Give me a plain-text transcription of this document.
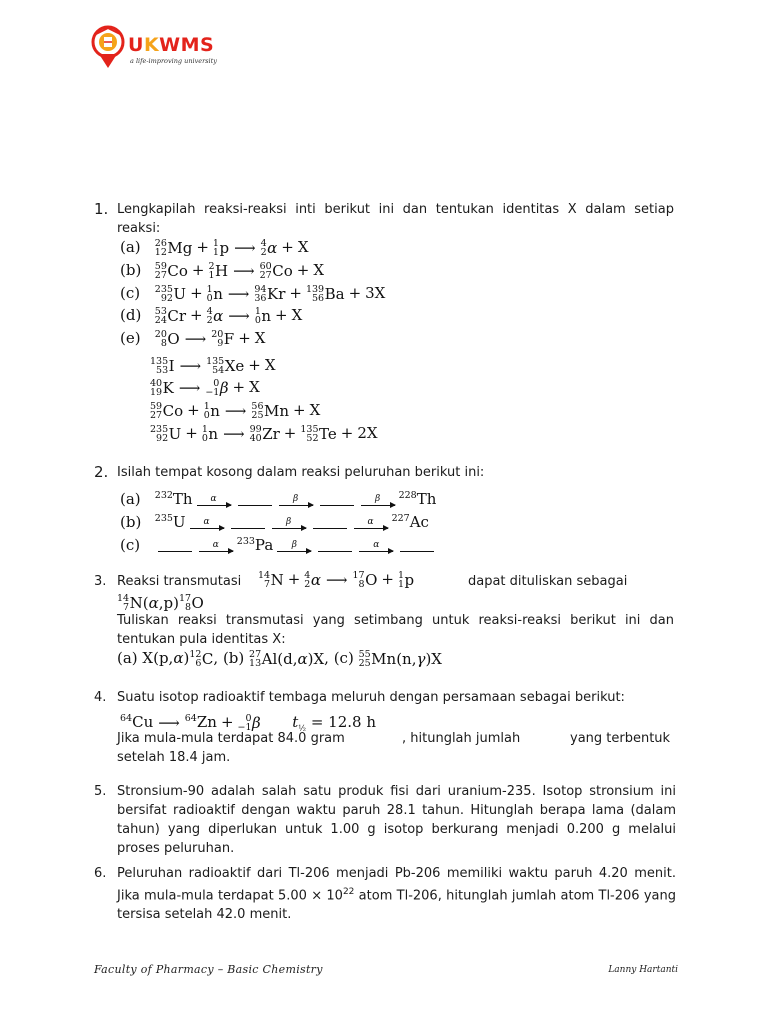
UKWMS
a life-improving university
1. Lengkapilah reaksi-reaksi inti berikut ini dan tentukan identitas X dalam setiap reaksi:
(a) 26
12 Mg + 1
1 p ⟶ 4
2 α + X
(b) 59
27 Co + 2
1 H ⟶ 60
27 Co + X
(c) 235
92 U + 1
0 n ⟶ 94
36 Kr + 139
56 Ba + 3X
(d) 53
24 Cr + 4
2 α ⟶ 1
0 n + X
(e) 20
8 O ⟶ 20
9 F + X
135
53 I ⟶ 135
54 Xe + X
40
19 K ⟶ 0
−1 β + X
59
27 Co + 1
0 n ⟶ 56
25 Mn + X
235
92 U + 1
0 n ⟶ 99
40 Zr + 135
52 Te + 2X
2. Isilah tempat kosong dalam reaksi peluruhan berikut ini:
(a) $^{232}$Th α	β	β $^{228}$Th
(b) $^{235}$U α	β	α $^{227}$Ac
(c)	α $^{233}$Pa β	α
3. Reaksi transmutasi 14
7 N + 4
2 α ⟶ 17
8 O + 1
1 p	dapat dituliskan sebagai
14
7 N(α,p) 17
8 O
Tuliskan reaksi transmutasi yang setimbang untuk reaksi-reaksi berikut ini dan tentukan pula identitas X:
(a) X(p,α) 12
6 C , (b) 27
13 Al(d,α)X , (c) 55
25 Mn(n,γ)X
4. Suatu isotop radioaktif tembaga meluruh dengan persamaan sebagai berikut:
$^{64}$Cu ⟶ $^{64}$Zn + 0
−1 β $t_{\frac{1}{2}} = 12.8$ h
Jika mula-mula terdapat 84.0 gram	, hitunglah jumlah	yang terbentuk
setelah 18.4 jam.
5. Stronsium-90 adalah salah satu produk fisi dari uranium-235. Isotop stronsium ini bersifat radioaktif dengan waktu paruh 28.1 tahun. Hitunglah berapa lama (dalam tahun) yang diperlukan untuk 1.00 g isotop berkurang menjadi 0.200 g melalui proses peluruhan.
6. Peluruhan radioaktif dari Tl-206 menjadi Pb-206 memiliki waktu paruh 4.20 menit. Jika mula-mula terdapat $5.00 \times 10^{22}$ atom Tl-206, hitunglah jumlah atom Tl-206 yang tersisa setelah 42.0 menit.
Faculty of Pharmacy – Basic Chemistry	Lanny Hartanti
